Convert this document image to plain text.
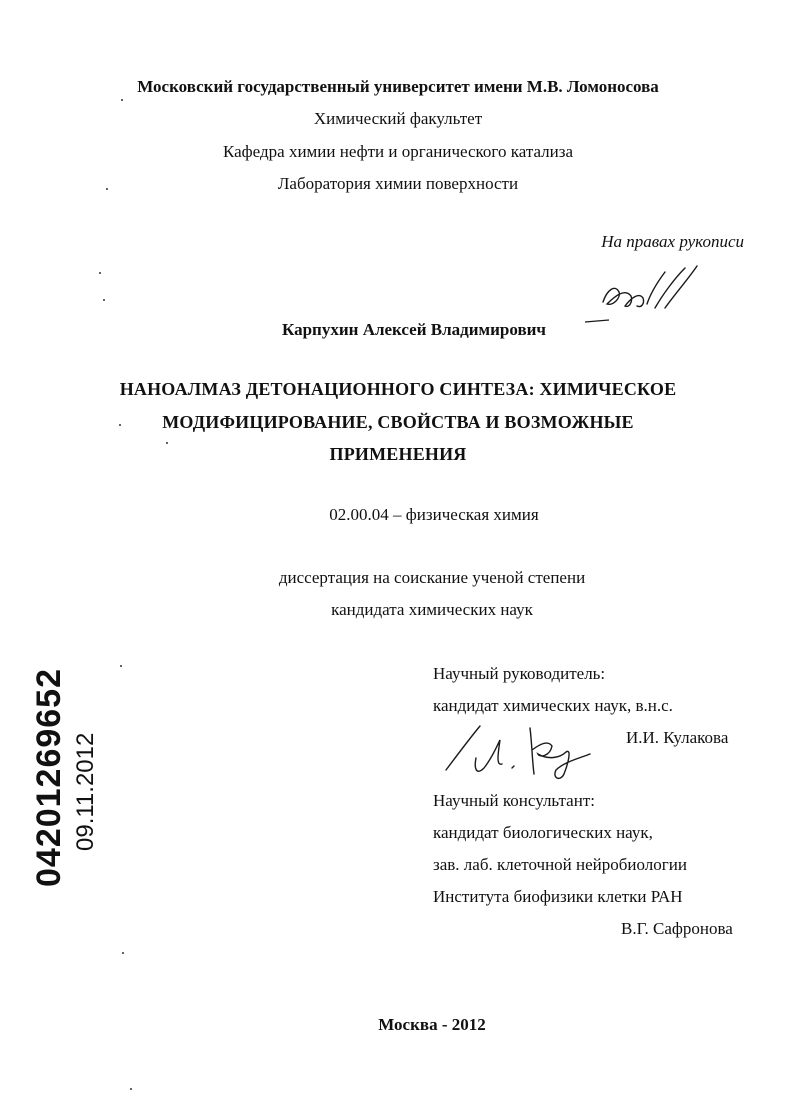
Московский государственный университет имени М.В. Ломоносова
Химический факультет
Кафедра химии нефти и органического катализа
Лаборатория химии поверхности
На правах рукописи
Карпухин Алексей Владимирович
НАНОАЛМАЗ ДЕТОНАЦИОННОГО СИНТЕЗА: ХИМИЧЕСКОЕ
МОДИФИЦИРОВАНИЕ, СВОЙСТВА И ВОЗМОЖНЫЕ
ПРИМЕНЕНИЯ
02.00.04 – физическая химия
диссертация на соискание ученой степени
кандидата химических наук
Научный руководитель:
кандидат химических наук, в.н.с.
И.И. Кулакова
Научный консультант:
кандидат биологических наук,
зав. лаб. клеточной нейробиологии
Института биофизики клетки РАН
В.Г. Сафронова
Москва - 2012
04201269652 09.11.2012
